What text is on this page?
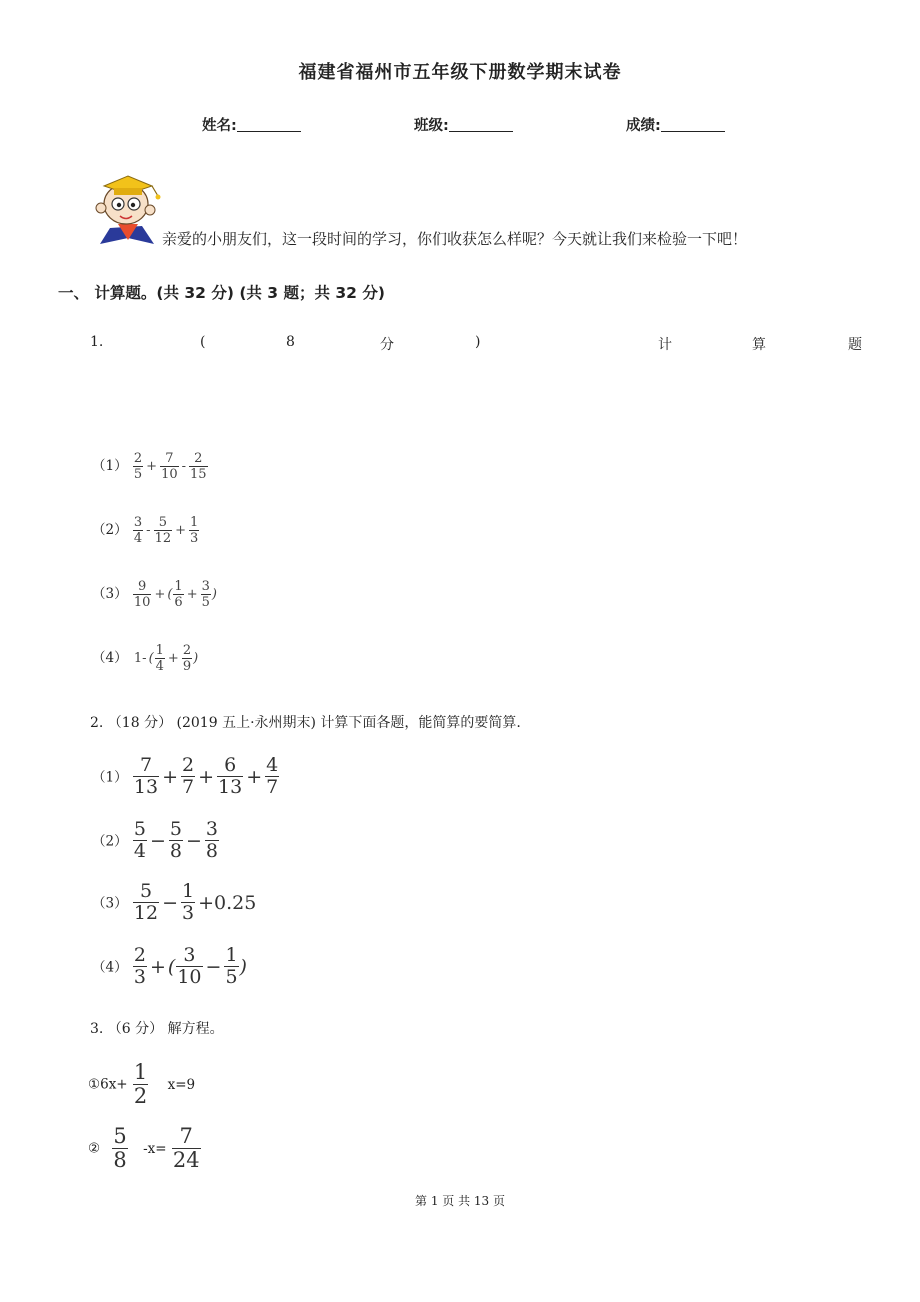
福建省福州市五年级下册数学期末试卷
姓名:	班级:	成绩:
亲爱的小朋友们，这一段时间的学习，你们收获怎么样呢？今天就让我们来检验一下吧！
一、 计算题。(共 32 分) (共 3 题；共 32 分)
1.	(	8	分	)	计	算	题
$(1) \frac{2}{5} + \frac{7}{10} - \frac{2}{15}$
$(2) \frac{3}{4} - \frac{5}{12} + \frac{1}{3}$
$(3) \frac{9}{10}$ + ( $\frac{1}{6} + \frac{3}{5}$ )
（4） 1- ( $\frac{1}{4} + \frac{2}{9}$ )
2. （18 分） (2019 五上·永州期末) 计算下面各题，能简算的要简算.
$(1) \frac{7}{13} + \frac{2}{7} + \frac{6}{13} + \frac{4}{7}$
$(2) \frac{5}{4} - \frac{5}{8} - \frac{3}{8}$
$(3) \frac{5}{12} - \frac{1}{3} +0.25$
$(4) \frac{2}{3}$ + ( $\frac{3}{10} - \frac{1}{5}$ )
3. （6 分） 解方程。
①6x+ $\frac{1}{2} x=9$
② $\frac{5}{8} -x= \frac{7}{24}$
第 1 页 共 13 页
